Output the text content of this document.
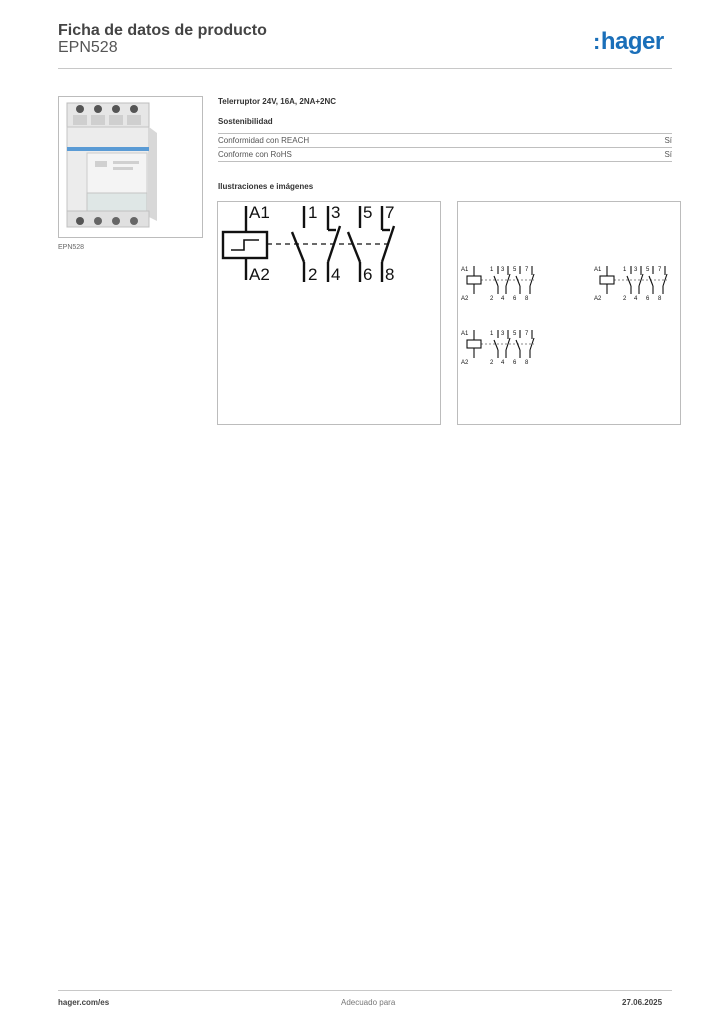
Ficha de datos de producto
EPN528	:hager
EPN528
Telerruptor 24V, 16A, 2NA+2NC
Sostenibilidad
Conformidad con REACH	Sí
Conforme con RoHS	Sí
Ilustraciones e imágenes
A1
A2
1 3 5 7
2 4 6 8	A1
A2
1 3 5 7
2 4 6 8
A1
A2
1 3 5 7
2 4 6 8
A1
A2
1 3 5 7
2 4 6 8
hager.com/es	Adecuado para	27.06.2025
